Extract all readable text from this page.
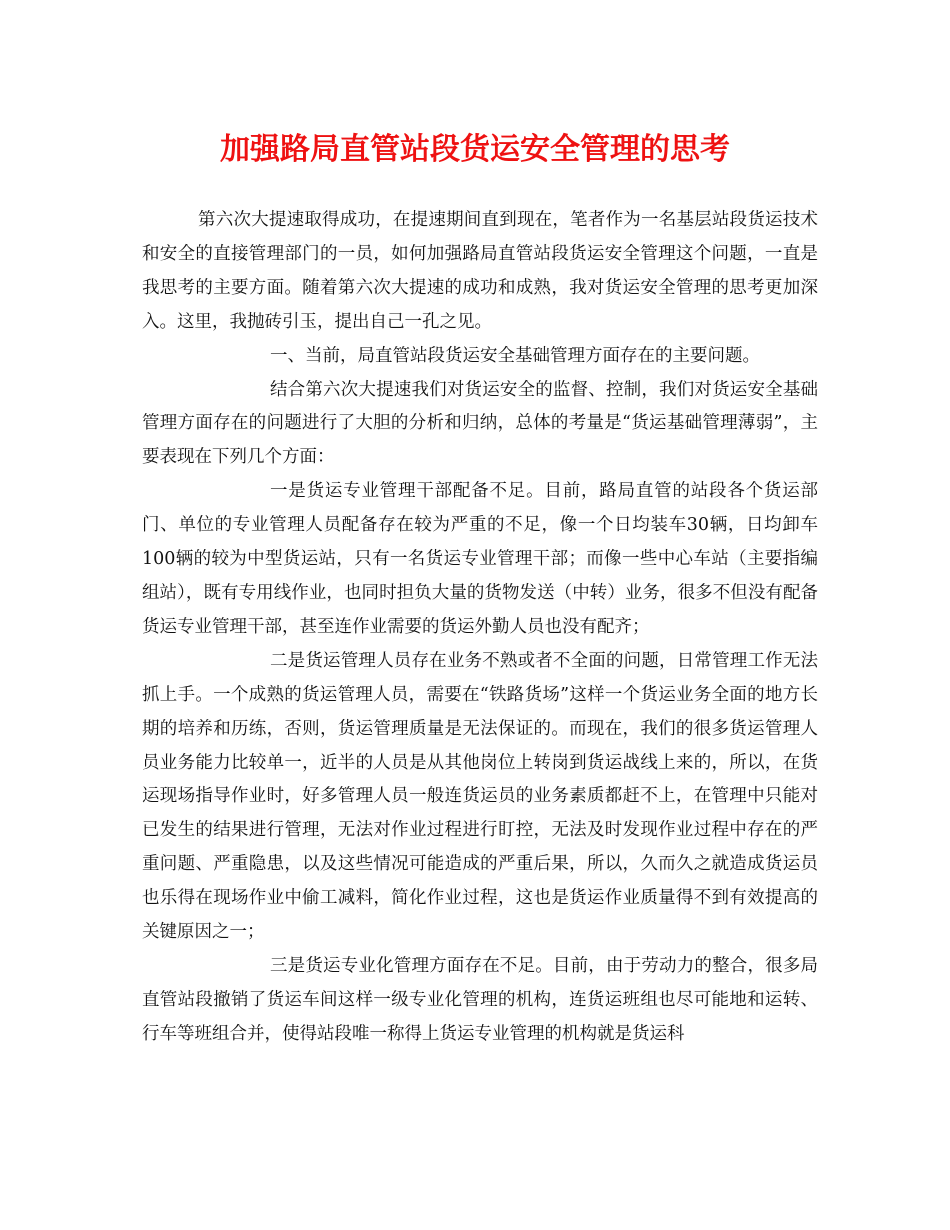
加强路局直管站段货运安全管理的思考

第六次大提速取得成功，在提速期间直到现在，笔者作为一名基层站段货运技术和安全的直接管理部门的一员，如何加强路局直管站段货运安全管理这个问题，一直是我思考的主要方面。随着第六次大提速的成功和成熟，我对货运安全管理的思考更加深入。这里，我抛砖引玉，提出自己一孔之见。

一、当前，局直管站段货运安全基础管理方面存在的主要问题。

结合第六次大提速我们对货运安全的监督、控制，我们对货运安全基础管理方面存在的问题进行了大胆的分析和归纳，总体的考量是“货运基础管理薄弱”，主要表现在下列几个方面：

一是货运专业管理干部配备不足。目前，路局直管的站段各个货运部门、单位的专业管理人员配备存在较为严重的不足，像一个日均装车30辆，日均卸车100辆的较为中型货运站，只有一名货运专业管理干部；而像一些中心车站（主要指编组站），既有专用线作业，也同时担负大量的货物发送（中转）业务，很多不但没有配备货运专业管理干部，甚至连作业需要的货运外勤人员也没有配齐；

二是货运管理人员存在业务不熟或者不全面的问题，日常管理工作无法抓上手。一个成熟的货运管理人员，需要在“铁路货场”这样一个货运业务全面的地方长期的培养和历练，否则，货运管理质量是无法保证的。而现在，我们的很多货运管理人员业务能力比较单一，近半的人员是从其他岗位上转岗到货运战线上来的，所以，在货运现场指导作业时，好多管理人员一般连货运员的业务素质都赶不上，在管理中只能对已发生的结果进行管理，无法对作业过程进行盯控，无法及时发现作业过程中存在的严重问题、严重隐患，以及这些情况可能造成的严重后果，所以，久而久之就造成货运员也乐得在现场作业中偷工减料，简化作业过程，这也是货运作业质量得不到有效提高的关键原因之一；

三是货运专业化管理方面存在不足。目前，由于劳动力的整合，很多局直管站段撤销了货运车间这样一级专业化管理的机构，连货运班组也尽可能地和运转、行车等班组合并，使得站段唯一称得上货运专业管理的机构就是货运科
